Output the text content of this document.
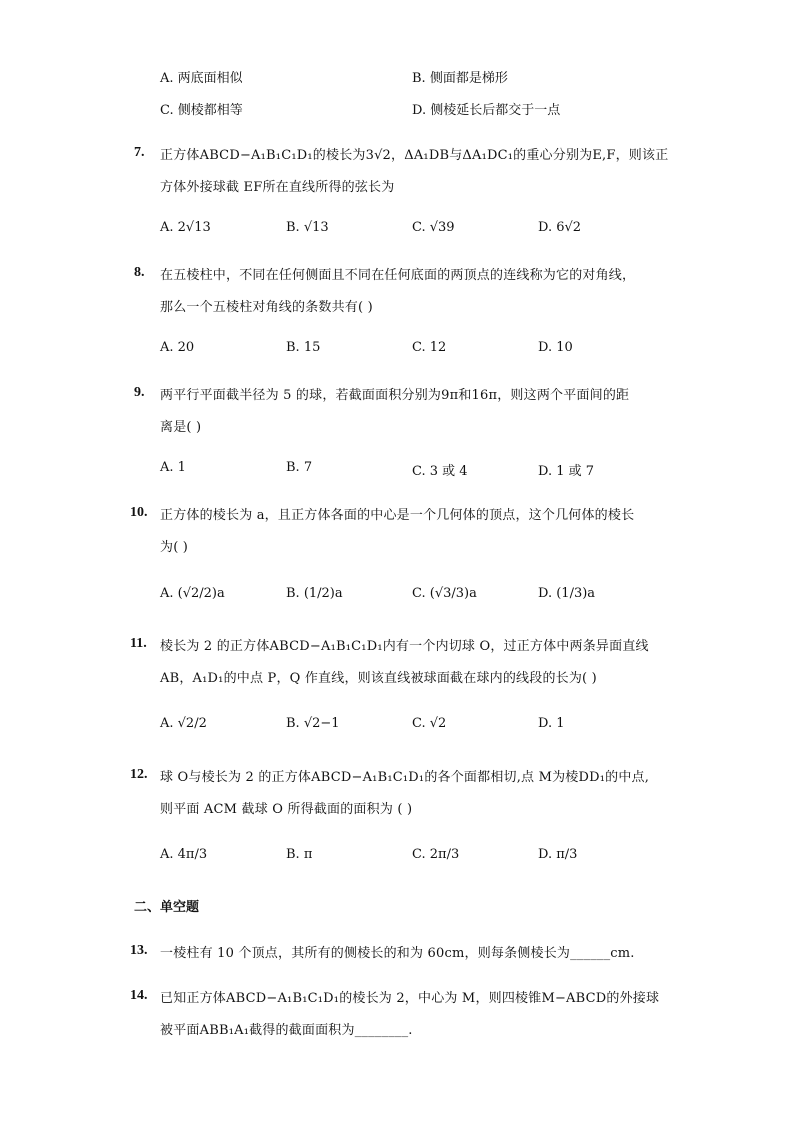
A. 两底面相似	B. 侧面都是梯形
C. 侧棱都相等	D. 侧棱延长后都交于一点
7. 正方体ABCD−A₁B₁C₁D₁的棱长为3√2，ΔA₁DB与ΔA₁DC₁的重心分别为E,F，则该正
方体外接球截 EF所在直线所得的弦长为
A. 2√13	B. √13	C. √39	D. 6√2
8. 在五棱柱中，不同在任何侧面且不同在任何底面的两顶点的连线称为它的对角线，
那么一个五棱柱对角线的条数共有( )
A. 20	B. 15	C. 12	D. 10
9. 两平行平面截半径为 5 的球，若截面面积分别为9π和16π，则这两个平面间的距
离是( )
A. 1	B. 7	C. 3 或 4	D. 1 或 7
10. 正方体的棱长为 a，且正方体各面的中心是一个几何体的顶点，这个几何体的棱长
为( )
A. (√2/2)a	B. (1/2)a	C. (√3/3)a	D. (1/3)a
11. 棱长为 2 的正方体ABCD−A₁B₁C₁D₁内有一个内切球 O，过正方体中两条异面直线
AB，A₁D₁的中点 P，Q 作直线，则该直线被球面截在球内的线段的长为( )
A. √2/2	B. √2−1	C. √2	D. 1
12. 球 O与棱长为 2 的正方体ABCD−A₁B₁C₁D₁的各个面都相切,点 M为棱DD₁的中点,
则平面 ACM 截球 O 所得截面的面积为 ( )
A. 4π/3	B. π	C. 2π/3	D. π/3
二、单空题
13. 一棱柱有 10 个顶点，其所有的侧棱长的和为 60cm，则每条侧棱长为______cm.
14. 已知正方体ABCD−A₁B₁C₁D₁的棱长为 2，中心为 M，则四棱锥M−ABCD的外接球
被平面ABB₁A₁截得的截面面积为________.
